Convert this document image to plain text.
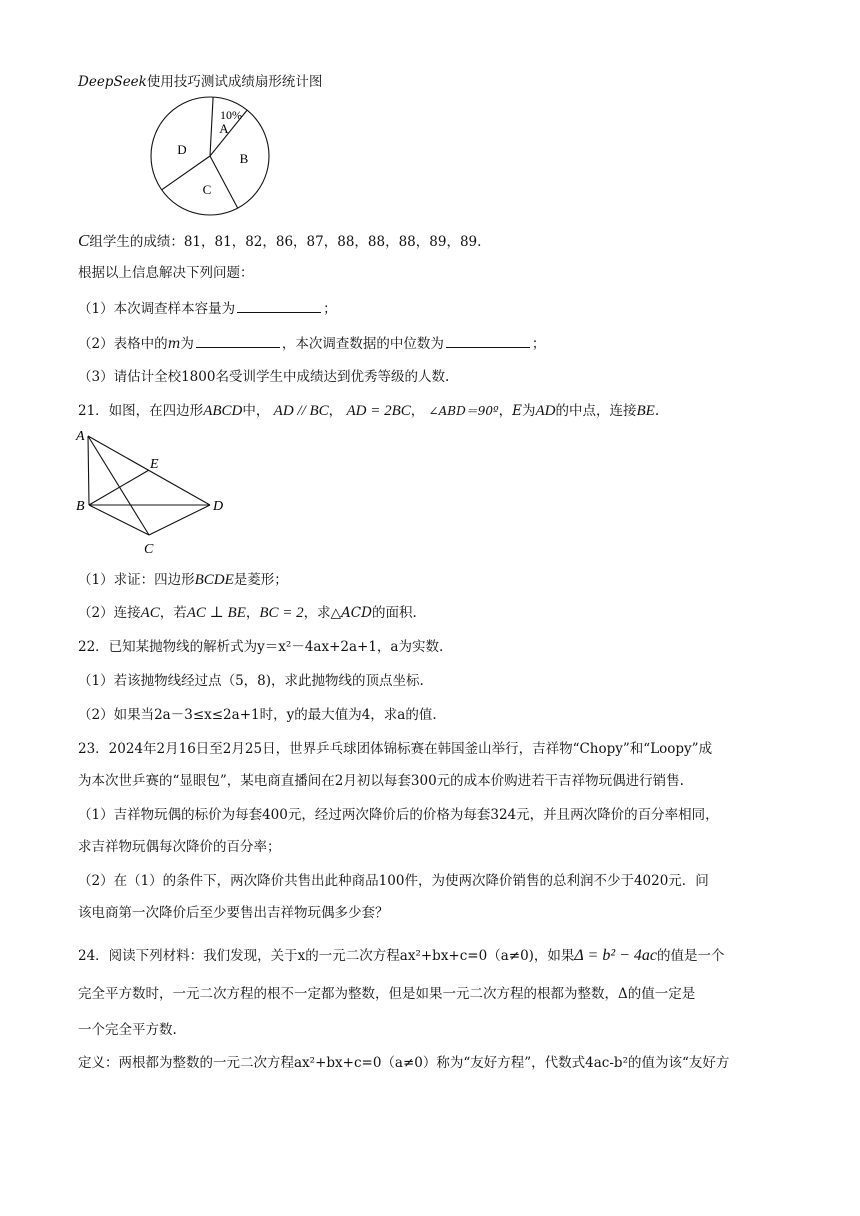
DeepSeek使用技巧测试成绩扇形统计图
A
10%
B
C
D
C组学生的成绩：81，81，82，86，87，88，88，88，89，89.
根据以上信息解决下列问题：
（1）本次调查样本容量为	；
（2）表格中的m为	，本次调查数据的中位数为	；
（3）请估计全校1800名受训学生中成绩达到优秀等级的人数.
21．如图，在四边形ABCD中， AD // BC， AD = 2BC， ∠ABD＝90º，E为AD的中点，连接BE.
A
B
C
D
E
（1）求证：四边形BCDE是菱形；
（2）连接AC，若AC ⊥ BE，BC = 2，求△ACD的面积.
22．已知某抛物线的解析式为y＝x²－4ax+2a+1，a为实数.
（1）若该抛物线经过点（5，8)，求此抛物线的顶点坐标.
（2）如果当2a－3≤x≤2a+1时，y的最大值为4，求a的值.
23．2024年2月16日至2月25日，世界乒乓球团体锦标赛在韩国釜山举行，吉祥物“Chopy”和“Loopy”成
为本次世乒赛的“显眼包”，某电商直播间在2月初以每套300元的成本价购进若干吉祥物玩偶进行销售.
（1）吉祥物玩偶的标价为每套400元，经过两次降价后的价格为每套324元，并且两次降价的百分率相同，
求吉祥物玩偶每次降价的百分率；
（2）在（1）的条件下，两次降价共售出此种商品100件，为使两次降价销售的总利润不少于4020元．问
该电商第一次降价后至少要售出吉祥物玩偶多少套？
24．阅读下列材料：我们发现，关于x的一元二次方程ax²+bx+c=0（a≠0)，如果Δ = b² − 4ac的值是一个
完全平方数时，一元二次方程的根不一定都为整数，但是如果一元二次方程的根都为整数，Δ的值一定是
一个完全平方数.
定义：两根都为整数的一元二次方程ax²+bx+c=0（a≠0）称为“友好方程”，代数式4ac-b²的值为该“友好方
